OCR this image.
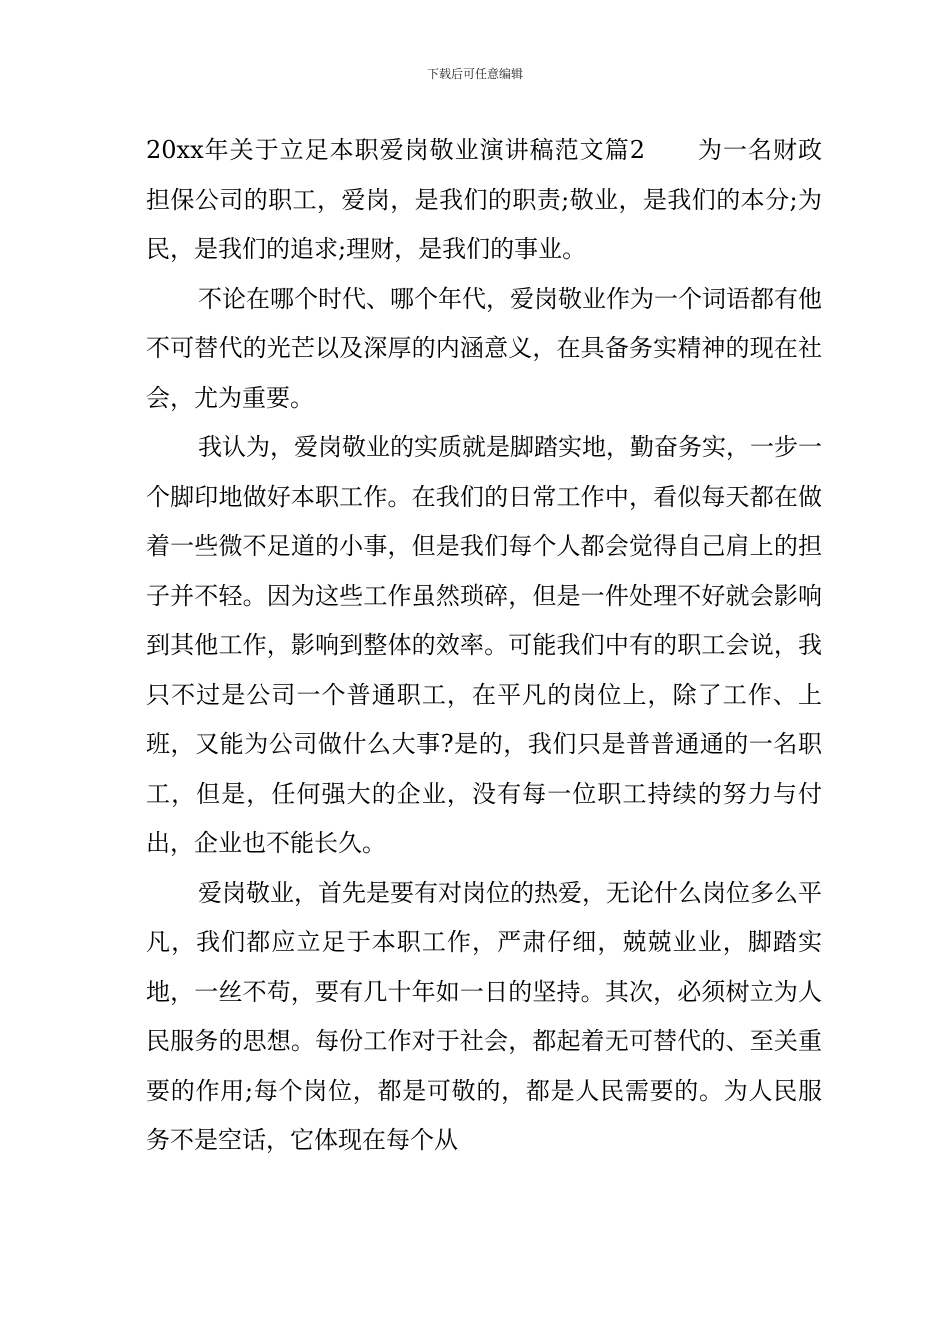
下载后可任意编辑

20xx年关于立足本职爱岗敬业演讲稿范文篇2 为一名财政担保公司的职工，爱岗，是我们的职责;敬业，是我们的本分;为民，是我们的追求;理财，是我们的事业。

不论在哪个时代、哪个年代，爱岗敬业作为一个词语都有他不可替代的光芒以及深厚的内涵意义，在具备务实精神的现在社会，尤为重要。

我认为，爱岗敬业的实质就是脚踏实地，勤奋务实，一步一个脚印地做好本职工作。在我们的日常工作中，看似每天都在做着一些微不足道的小事，但是我们每个人都会觉得自己肩上的担子并不轻。因为这些工作虽然琐碎，但是一件处理不好就会影响到其他工作，影响到整体的效率。可能我们中有的职工会说，我只不过是公司一个普通职工，在平凡的岗位上，除了工作、上班，又能为公司做什么大事?是的，我们只是普普通通的一名职工，但是，任何强大的企业，没有每一位职工持续的努力与付出，企业也不能长久。

爱岗敬业，首先是要有对岗位的热爱，无论什么岗位多么平凡，我们都应立足于本职工作，严肃仔细，兢兢业业，脚踏实地，一丝不苟，要有几十年如一日的坚持。其次，必须树立为人民服务的思想。每份工作对于社会，都起着无可替代的、至关重要的作用;每个岗位，都是可敬的，都是人民需要的。为人民服务不是空话，它体现在每个从
